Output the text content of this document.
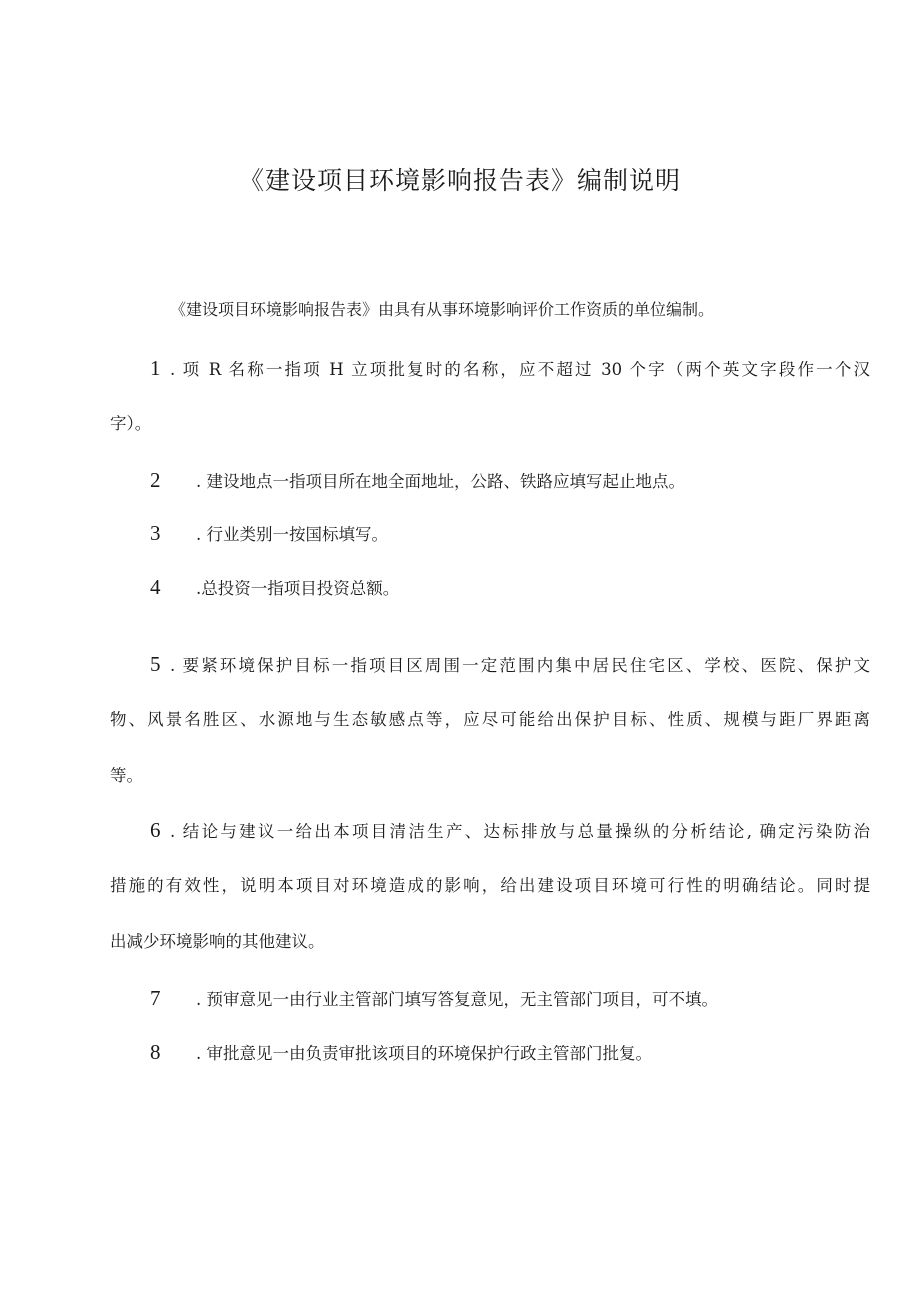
《建设项目环境影响报告表》编制说明
《建设项目环境影响报告表》由具有从事环境影响评价工作资质的单位编制。
1 . 项 R 名称一指项 H 立项批复时的名称，应不超过 30 个字（两个英文字段作一个汉
字）。
2 . 建设地点一指项目所在地全面地址，公路、铁路应填写起止地点。
3 . 行业类别一按国标填写。
4 .总投资一指项目投资总额。
5 . 要紧环境保护目标一指项目区周围一定范围内集中居民住宅区、学校、医院、保护文
物、风景名胜区、水源地与生态敏感点等，应尽可能给出保护目标、性质、规模与距厂界距离
等。
6 . 结论与建议一给出本项目清洁生产、达标排放与总量操纵的分析结论, 确定污染防治
措施的有效性，说明本项目对环境造成的影响，给出建设项目环境可行性的明确结论。同时提
出减少环境影响的其他建议。
7 . 预审意见一由行业主管部门填写答复意见，无主管部门项目，可不填。
8 . 审批意见一由负责审批该项目的环境保护行政主管部门批复。
